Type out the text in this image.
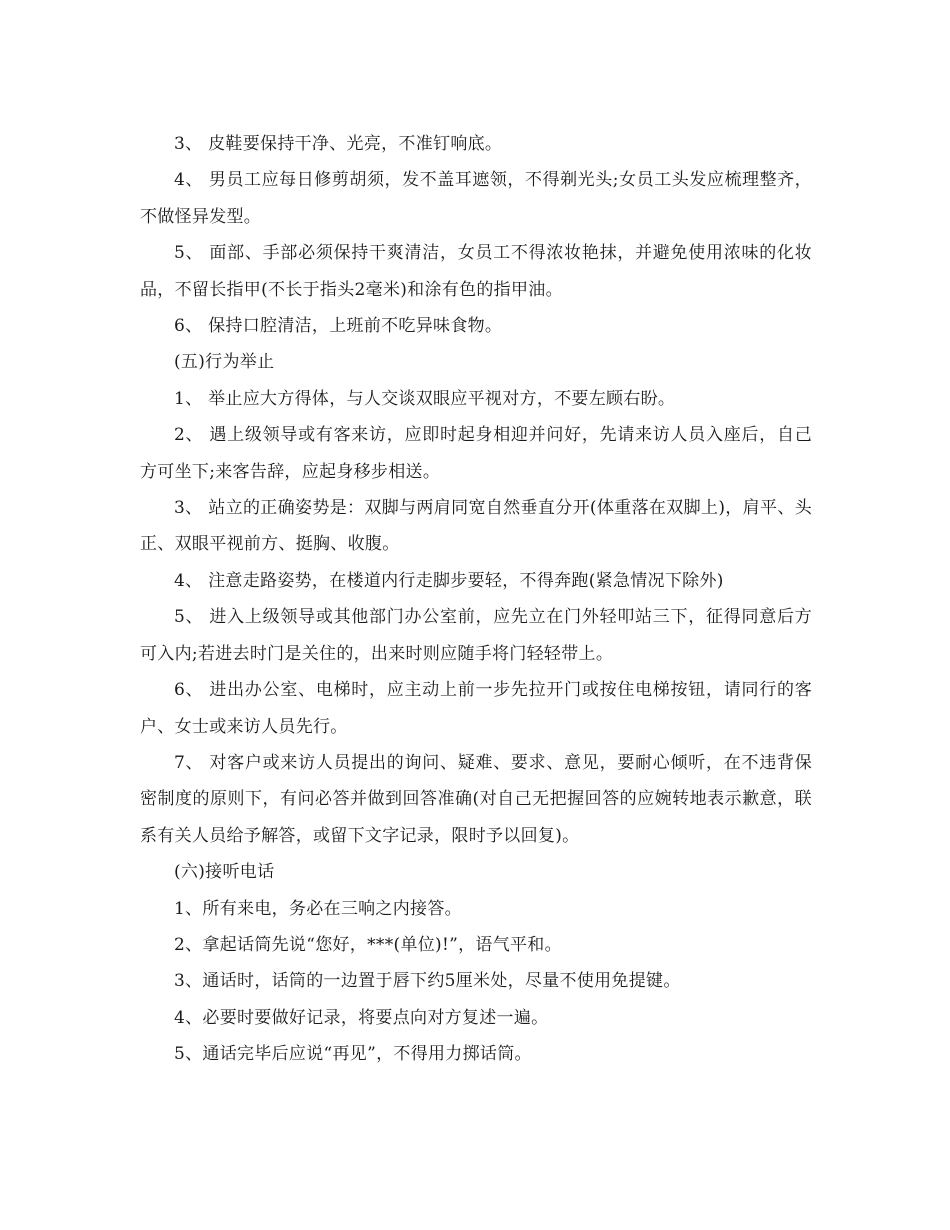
3、 皮鞋要保持干净、光亮，不准钉响底。

4、 男员工应每日修剪胡须，发不盖耳遮领，不得剃光头;女员工头发应梳理整齐，不做怪异发型。

5、 面部、手部必须保持干爽清洁，女员工不得浓妆艳抹，并避免使用浓味的化妆品，不留长指甲(不长于指头2毫米)和涂有色的指甲油。

6、 保持口腔清洁，上班前不吃异味食物。

(五)行为举止

1、 举止应大方得体，与人交谈双眼应平视对方，不要左顾右盼。

2、 遇上级领导或有客来访，应即时起身相迎并问好，先请来访人员入座后，自己方可坐下;来客告辞，应起身移步相送。

3、 站立的正确姿势是：双脚与两肩同宽自然垂直分开(体重落在双脚上)，肩平、头正、双眼平视前方、挺胸、收腹。

4、 注意走路姿势，在楼道内行走脚步要轻，不得奔跑(紧急情况下除外)

5、 进入上级领导或其他部门办公室前，应先立在门外轻叩站三下，征得同意后方可入内;若进去时门是关住的，出来时则应随手将门轻轻带上。

6、 进出办公室、电梯时，应主动上前一步先拉开门或按住电梯按钮，请同行的客户、女士或来访人员先行。

7、 对客户或来访人员提出的询问、疑难、要求、意见，要耐心倾听，在不违背保密制度的原则下，有问必答并做到回答准确(对自己无把握回答的应婉转地表示歉意，联系有关人员给予解答，或留下文字记录，限时予以回复)。

(六)接听电话

1、所有来电，务必在三响之内接答。

2、拿起话筒先说“您好，***(单位)!”，语气平和。

3、通话时，话筒的一边置于唇下约5厘米处，尽量不使用免提键。

4、必要时要做好记录，将要点向对方复述一遍。

5、通话完毕后应说“再见”，不得用力掷话筒。
